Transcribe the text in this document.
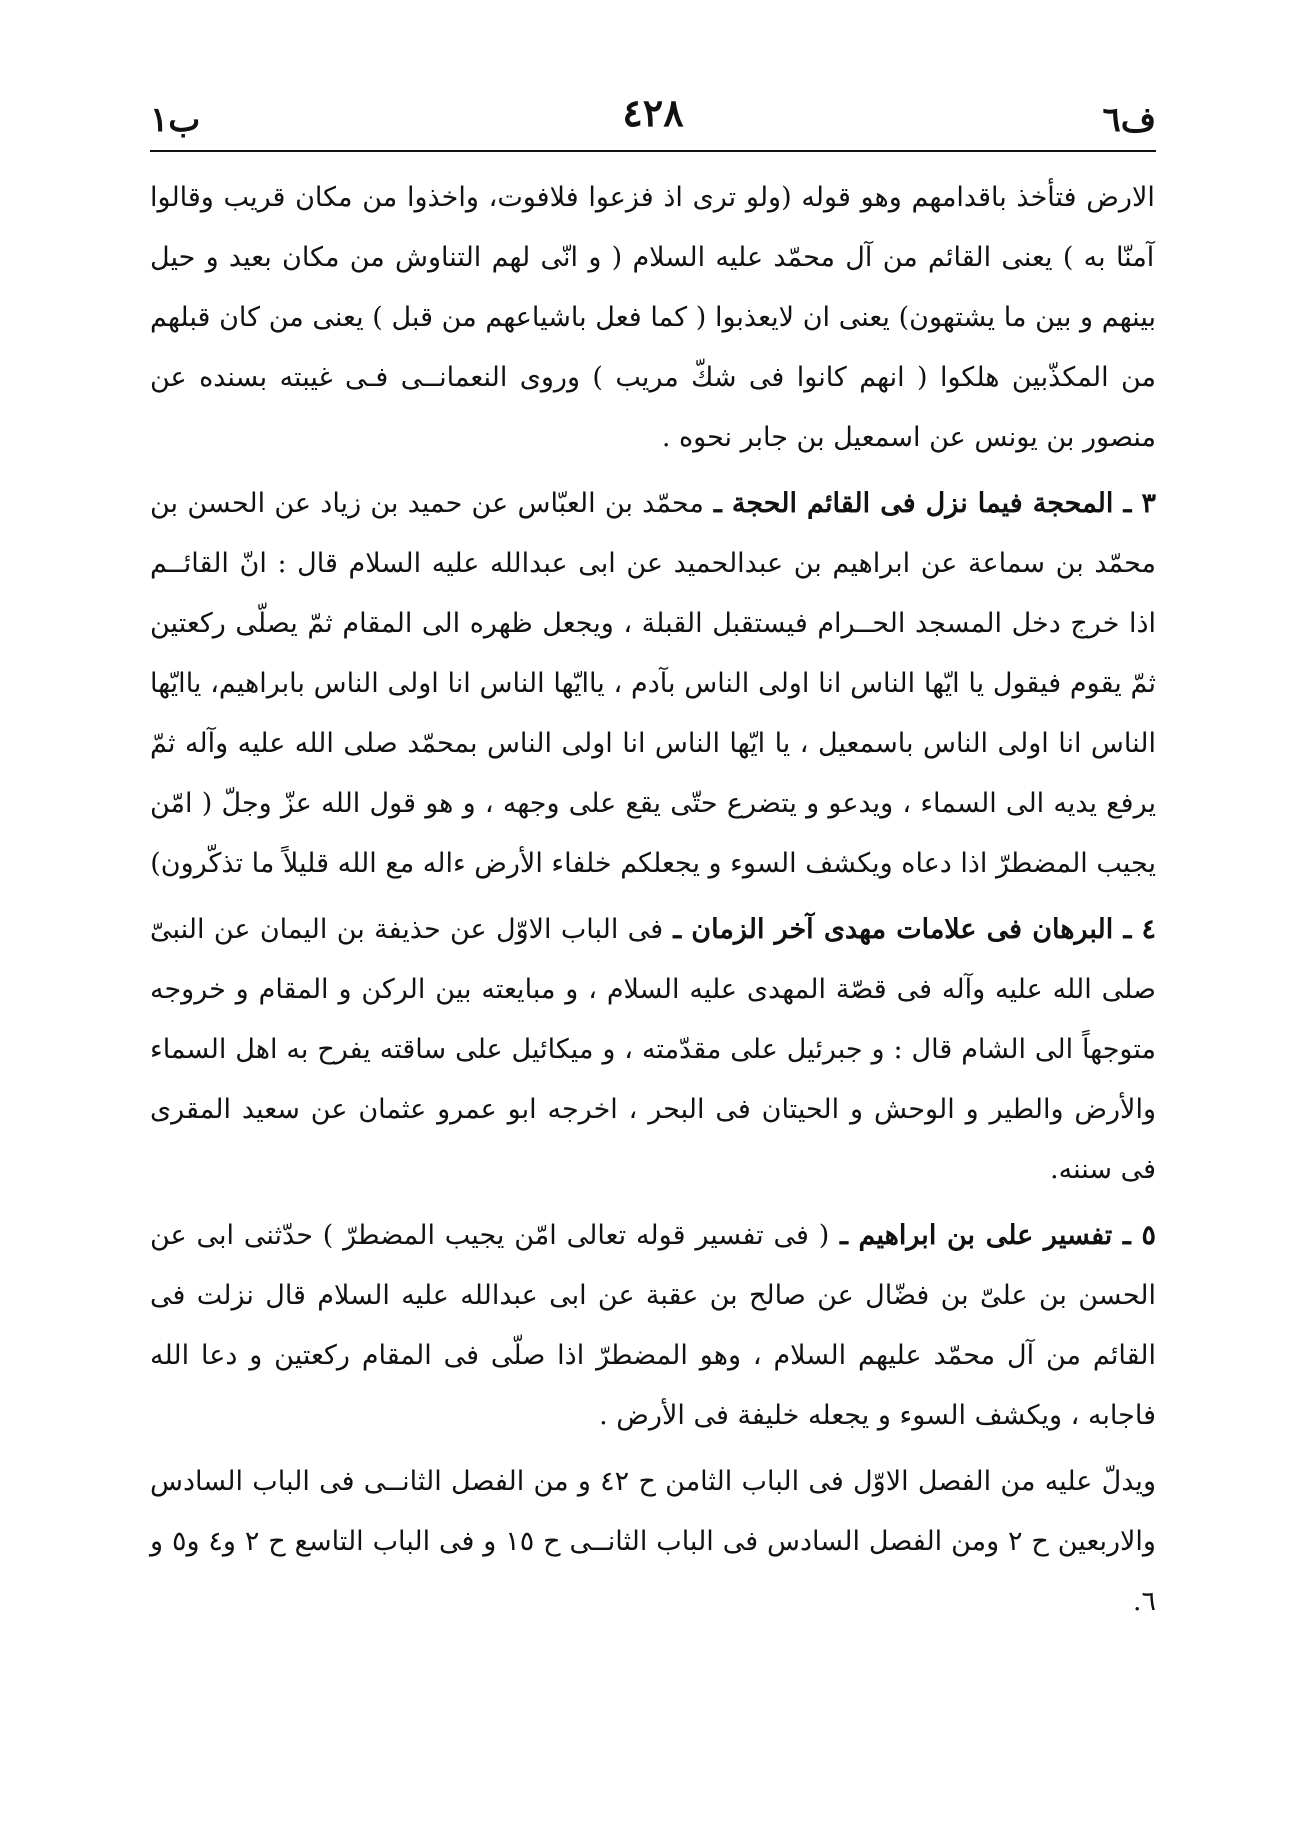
ف٦
٤٢٨
ب١

الارض فتأخذ باقدامهم وهو قوله (ولو ترى اذ فزعوا فلافوت، واخذوا من مكان قريب وقالوا آمنّا به ) يعنى القائم من آل محمّد عليه السلام ( و انّى لهم التناوش من مكان بعيد و حيل بينهم و بين ما يشتهون) يعنى ان لايعذبوا ( كما فعل باشياعهم من قبل ) يعنى من كان قبلهم من المكذّبين هلكوا ( انهم كانوا فى شكّ مريب ) وروى النعمانــى فـى غيبته بسنده عن منصور بن يونس عن اسمعيل بن جابر نحوه .

٣ ـ المحجة فيما نزل فى القائم الحجة ـ محمّد بن العبّاس عن حميد بن زياد عن الحسن بن محمّد بن سماعة عن ابراهيم بن عبدالحميد عن ابى عبدالله عليه السلام قال : انّ القائــم اذا خرج دخل المسجد الحــرام فيستقبل القبلة ، ويجعل ظهره الى المقام ثمّ يصلّى ركعتين ثمّ يقوم فيقول يا ايّها الناس انا اولى الناس بآدم ، ياايّها الناس انا اولى الناس بابراهيم، ياايّها الناس انا اولى الناس باسمعيل ، يا ايّها الناس انا اولى الناس بمحمّد صلى الله عليه وآله ثمّ يرفع يديه الى السماء ، ويدعو و يتضرع حتّى يقع على وجهه ، و هو قول الله عزّ وجلّ ( امّن يجيب المضطرّ اذا دعاه ويكشف السوء و يجعلكم خلفاء الأرض ءاله مع الله قليلاً ما تذكّرون)

٤ ـ البرهان فى علامات مهدى آخر الزمان ـ فى الباب الاوّل عن حذيفة بن اليمان عن النبىّ صلى الله عليه وآله فى قصّة المهدى عليه السلام ، و مبايعته بين الركن و المقام و خروجه متوجهاً الى الشام قال : و جبرئيل على مقدّمته ، و ميكائيل على ساقته يفرح به اهل السماء والأرض والطير و الوحش و الحيتان فى البحر ، اخرجه ابو عمرو عثمان عن سعيد المقرى فى سننه.

٥ ـ تفسير على بن ابراهيم ـ ( فى تفسير قوله تعالى امّن يجيب المضطرّ ) حدّثنى ابى عن الحسن بن علىّ بن فضّال عن صالح بن عقبة عن ابى عبدالله عليه السلام قال نزلت فى القائم من آل محمّد عليهم السلام ، وهو المضطرّ اذا صلّى فى المقام ركعتين و دعا الله فاجابه ، ويكشف السوء و يجعله خليفة فى الأرض .

ويدلّ عليه من الفصل الاوّل فى الباب الثامن ح ٤٢ و من الفصل الثانــى فى الباب السادس والاربعين ح ٢ ومن الفصل السادس فى الباب الثانــى ح ١٥ و فى الباب التاسع ح ٢ و٤ و٥ و ٦.
